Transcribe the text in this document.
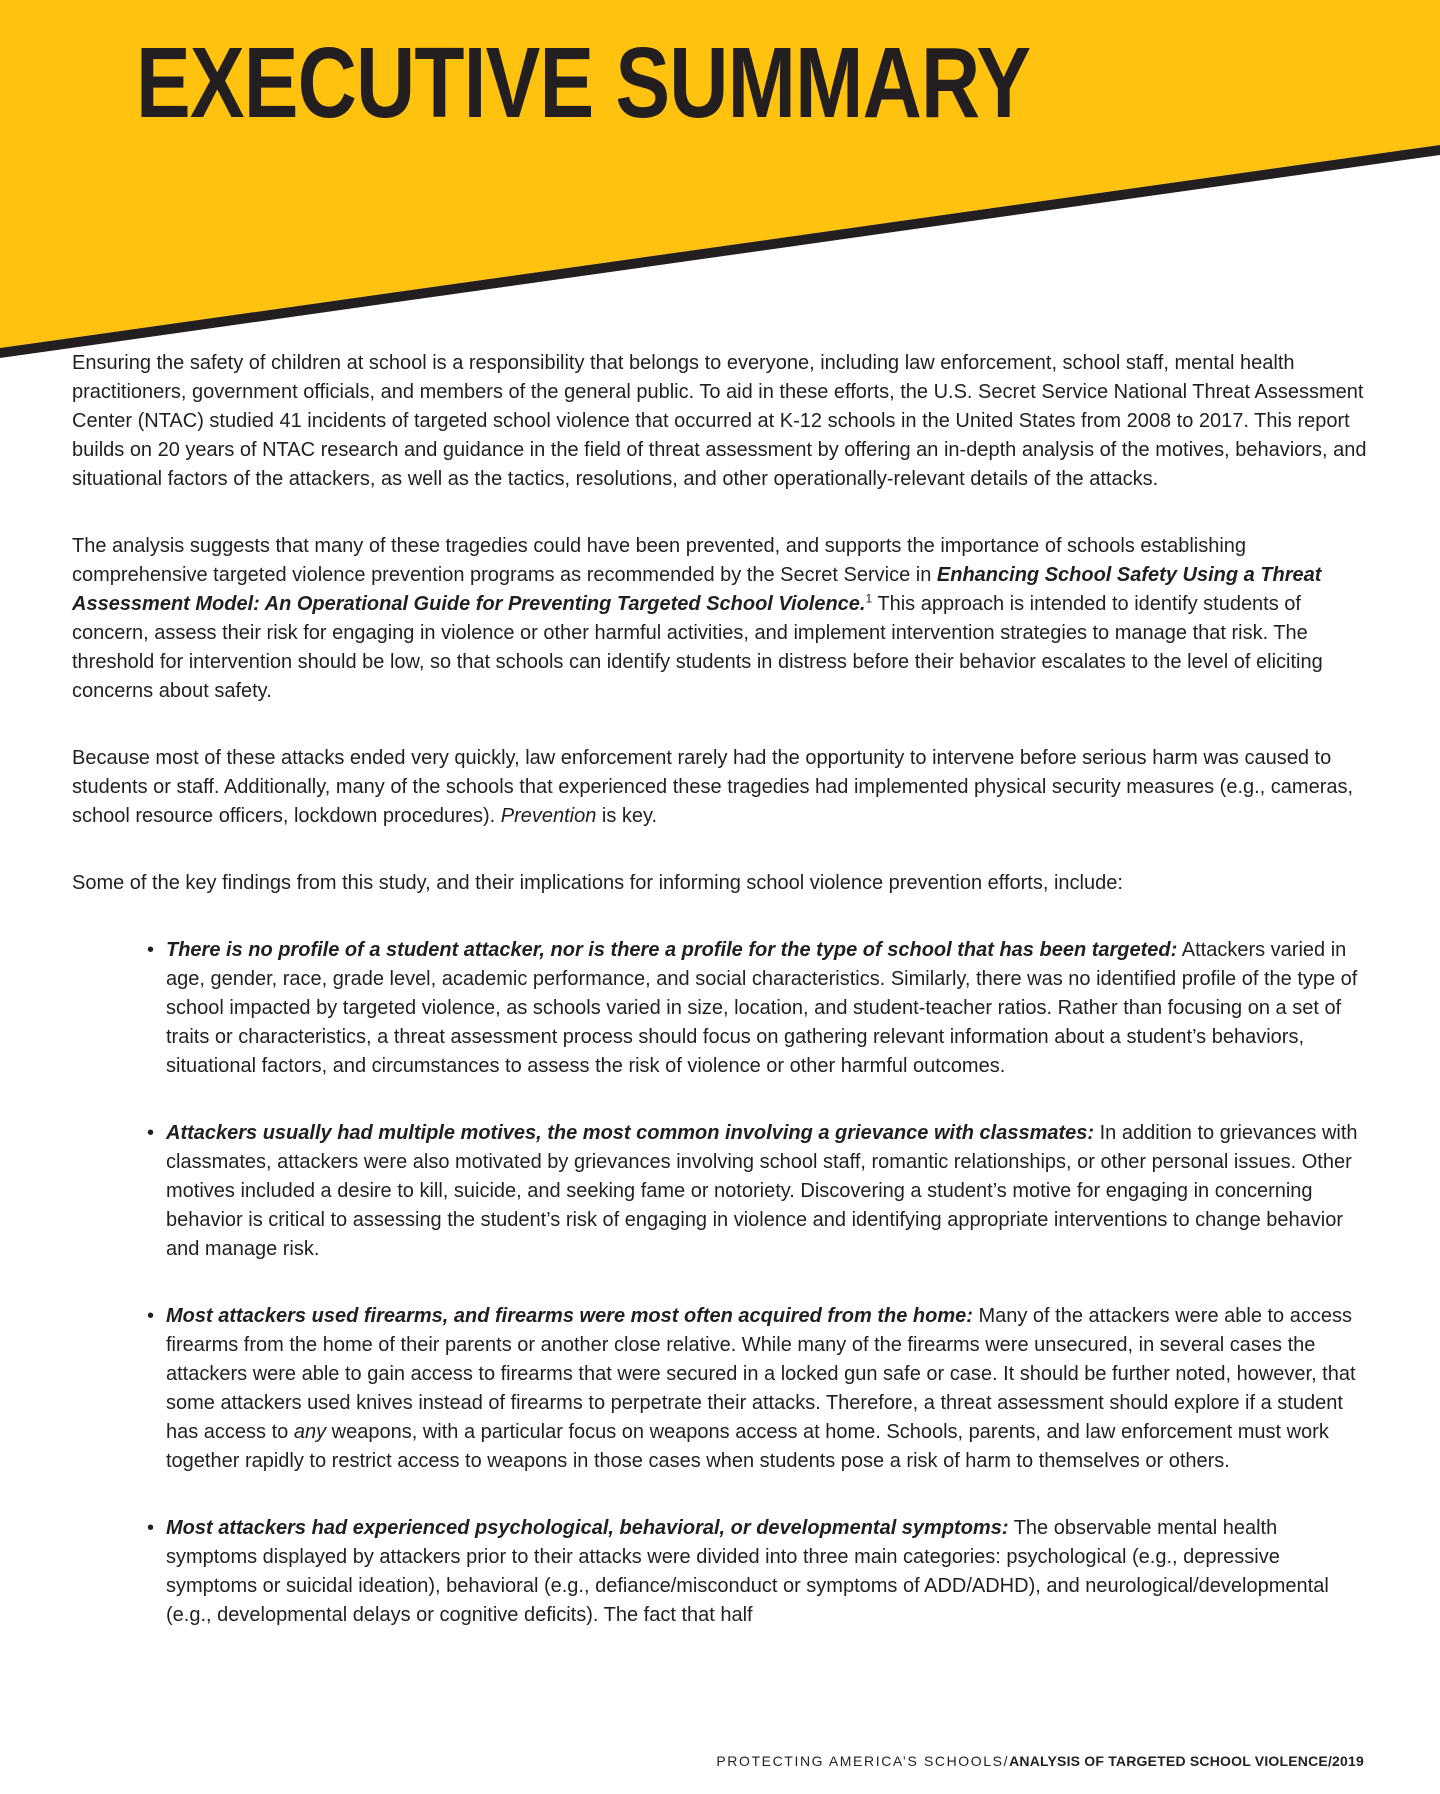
EXECUTIVE SUMMARY

Ensuring the safety of children at school is a responsibility that belongs to everyone, including law enforcement, school staff, mental health practitioners, government officials, and members of the general public. To aid in these efforts, the U.S. Secret Service National Threat Assessment Center (NTAC) studied 41 incidents of targeted school violence that occurred at K-12 schools in the United States from 2008 to 2017. This report builds on 20 years of NTAC research and guidance in the field of threat assessment by offering an in-depth analysis of the motives, behaviors, and situational factors of the attackers, as well as the tactics, resolutions, and other operationally-relevant details of the attacks.

The analysis suggests that many of these tragedies could have been prevented, and supports the importance of schools establishing comprehensive targeted violence prevention programs as recommended by the Secret Service in Enhancing School Safety Using a Threat Assessment Model: An Operational Guide for Preventing Targeted School Violence.$^1$ This approach is intended to identify students of concern, assess their risk for engaging in violence or other harmful activities, and implement intervention strategies to manage that risk. The threshold for intervention should be low, so that schools can identify students in distress before their behavior escalates to the level of eliciting concerns about safety.

Because most of these attacks ended very quickly, law enforcement rarely had the opportunity to intervene before serious harm was caused to students or staff. Additionally, many of the schools that experienced these tragedies had implemented physical security measures (e.g., cameras, school resource officers, lockdown procedures). Prevention is key.

Some of the key findings from this study, and their implications for informing school violence prevention efforts, include:

• There is no profile of a student attacker, nor is there a profile for the type of school that has been targeted: Attackers varied in age, gender, race, grade level, academic performance, and social characteristics. Similarly, there was no identified profile of the type of school impacted by targeted violence, as schools varied in size, location, and student-teacher ratios. Rather than focusing on a set of traits or characteristics, a threat assessment process should focus on gathering relevant information about a student’s behaviors, situational factors, and circumstances to assess the risk of violence or other harmful outcomes.
• Attackers usually had multiple motives, the most common involving a grievance with classmates: In addition to grievances with classmates, attackers were also motivated by grievances involving school staff, romantic relationships, or other personal issues. Other motives included a desire to kill, suicide, and seeking fame or notoriety. Discovering a student’s motive for engaging in concerning behavior is critical to assessing the student’s risk of engaging in violence and identifying appropriate interventions to change behavior and manage risk.
• Most attackers used firearms, and firearms were most often acquired from the home: Many of the attackers were able to access firearms from the home of their parents or another close relative. While many of the firearms were unsecured, in several cases the attackers were able to gain access to firearms that were secured in a locked gun safe or case. It should be further noted, however, that some attackers used knives instead of firearms to perpetrate their attacks. Therefore, a threat assessment should explore if a student has access to any weapons, with a particular focus on weapons access at home. Schools, parents, and law enforcement must work together rapidly to restrict access to weapons in those cases when students pose a risk of harm to themselves or others.
• Most attackers had experienced psychological, behavioral, or developmental symptoms: The observable mental health symptoms displayed by attackers prior to their attacks were divided into three main categories: psychological (e.g., depressive symptoms or suicidal ideation), behavioral (e.g., defiance/misconduct or symptoms of ADD/ADHD), and neurological/developmental (e.g., developmental delays or cognitive deficits). The fact that half
PROTECTING AMERICA’S SCHOOLS/ANALYSIS OF TARGETED SCHOOL VIOLENCE/2019
